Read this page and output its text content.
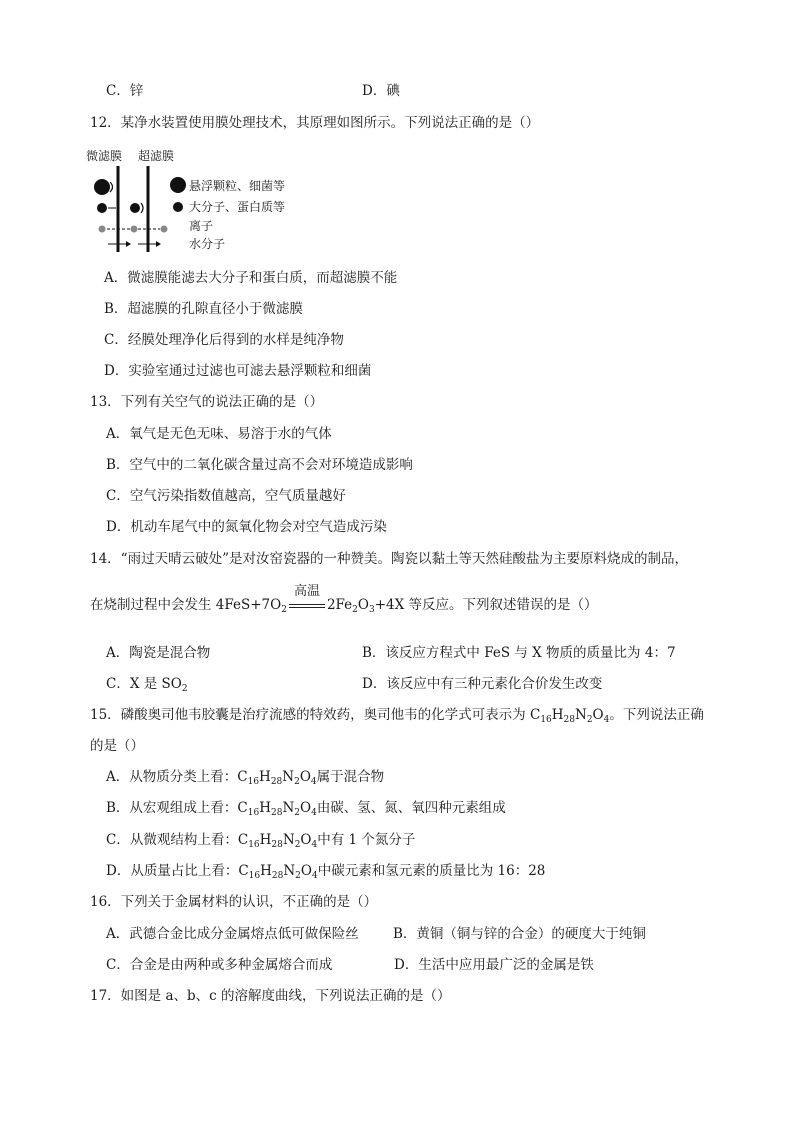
C．锌	D．碘
12．某净水装置使用膜处理技术，其原理如图所示。下列说法正确的是（）
微滤膜 超滤膜
悬浮颗粒、细菌等
大分子、蛋白质等
离子
水分子
A．微滤膜能滤去大分子和蛋白质，而超滤膜不能
B．超滤膜的孔隙直径小于微滤膜
C．经膜处理净化后得到的水样是纯净物
D．实验室通过过滤也可滤去悬浮颗粒和细菌
13．下列有关空气的说法正确的是（）
A．氧气是无色无味、易溶于水的气体
B．空气中的二氧化碳含量过高不会对环境造成影响
C．空气污染指数值越高，空气质量越好
D．机动车尾气中的氮氧化物会对空气造成污染
14．“雨过天晴云破处”是对汝窑瓷器的一种赞美。陶瓷以黏土等天然硅酸盐为主要原料烧成的制品，
在烧制过程中会发生 $4FeS+7O_2$
高温
$2Fe_2O_3+4X$ 等反应。下列叙述错误的是（）
A．陶瓷是混合物	B．该反应方程式中 FeS 与 X 物质的质量比为 4：7
C．X 是 $SO_2$	D．该反应中有三种元素化合价发生改变
15．磷酸奥司他韦胶囊是治疗流感的特效药，奥司他韦的化学式可表示为 $C_{16}H_{28}N_2O_4$。下列说法正确
的是（）
A．从物质分类上看：$C_{16}H_{28}N_2O_4$属于混合物
B．从宏观组成上看：$C_{16}H_{28}N_2O_4$由碳、氢、氮、氧四种元素组成
C．从微观结构上看：$C_{16}H_{28}N_2O_4$中有 1 个氮分子
D．从质量占比上看：$C_{16}H_{28}N_2O_4$中碳元素和氢元素的质量比为 16：28
16．下列关于金属材料的认识，不正确的是（）
A．武德合金比成分金属熔点低可做保险丝	B．黄铜（铜与锌的合金）的硬度大于纯铜
C．合金是由两种或多种金属熔合而成	D．生活中应用最广泛的金属是铁
17．如图是 a、b、c 的溶解度曲线，下列说法正确的是（）
